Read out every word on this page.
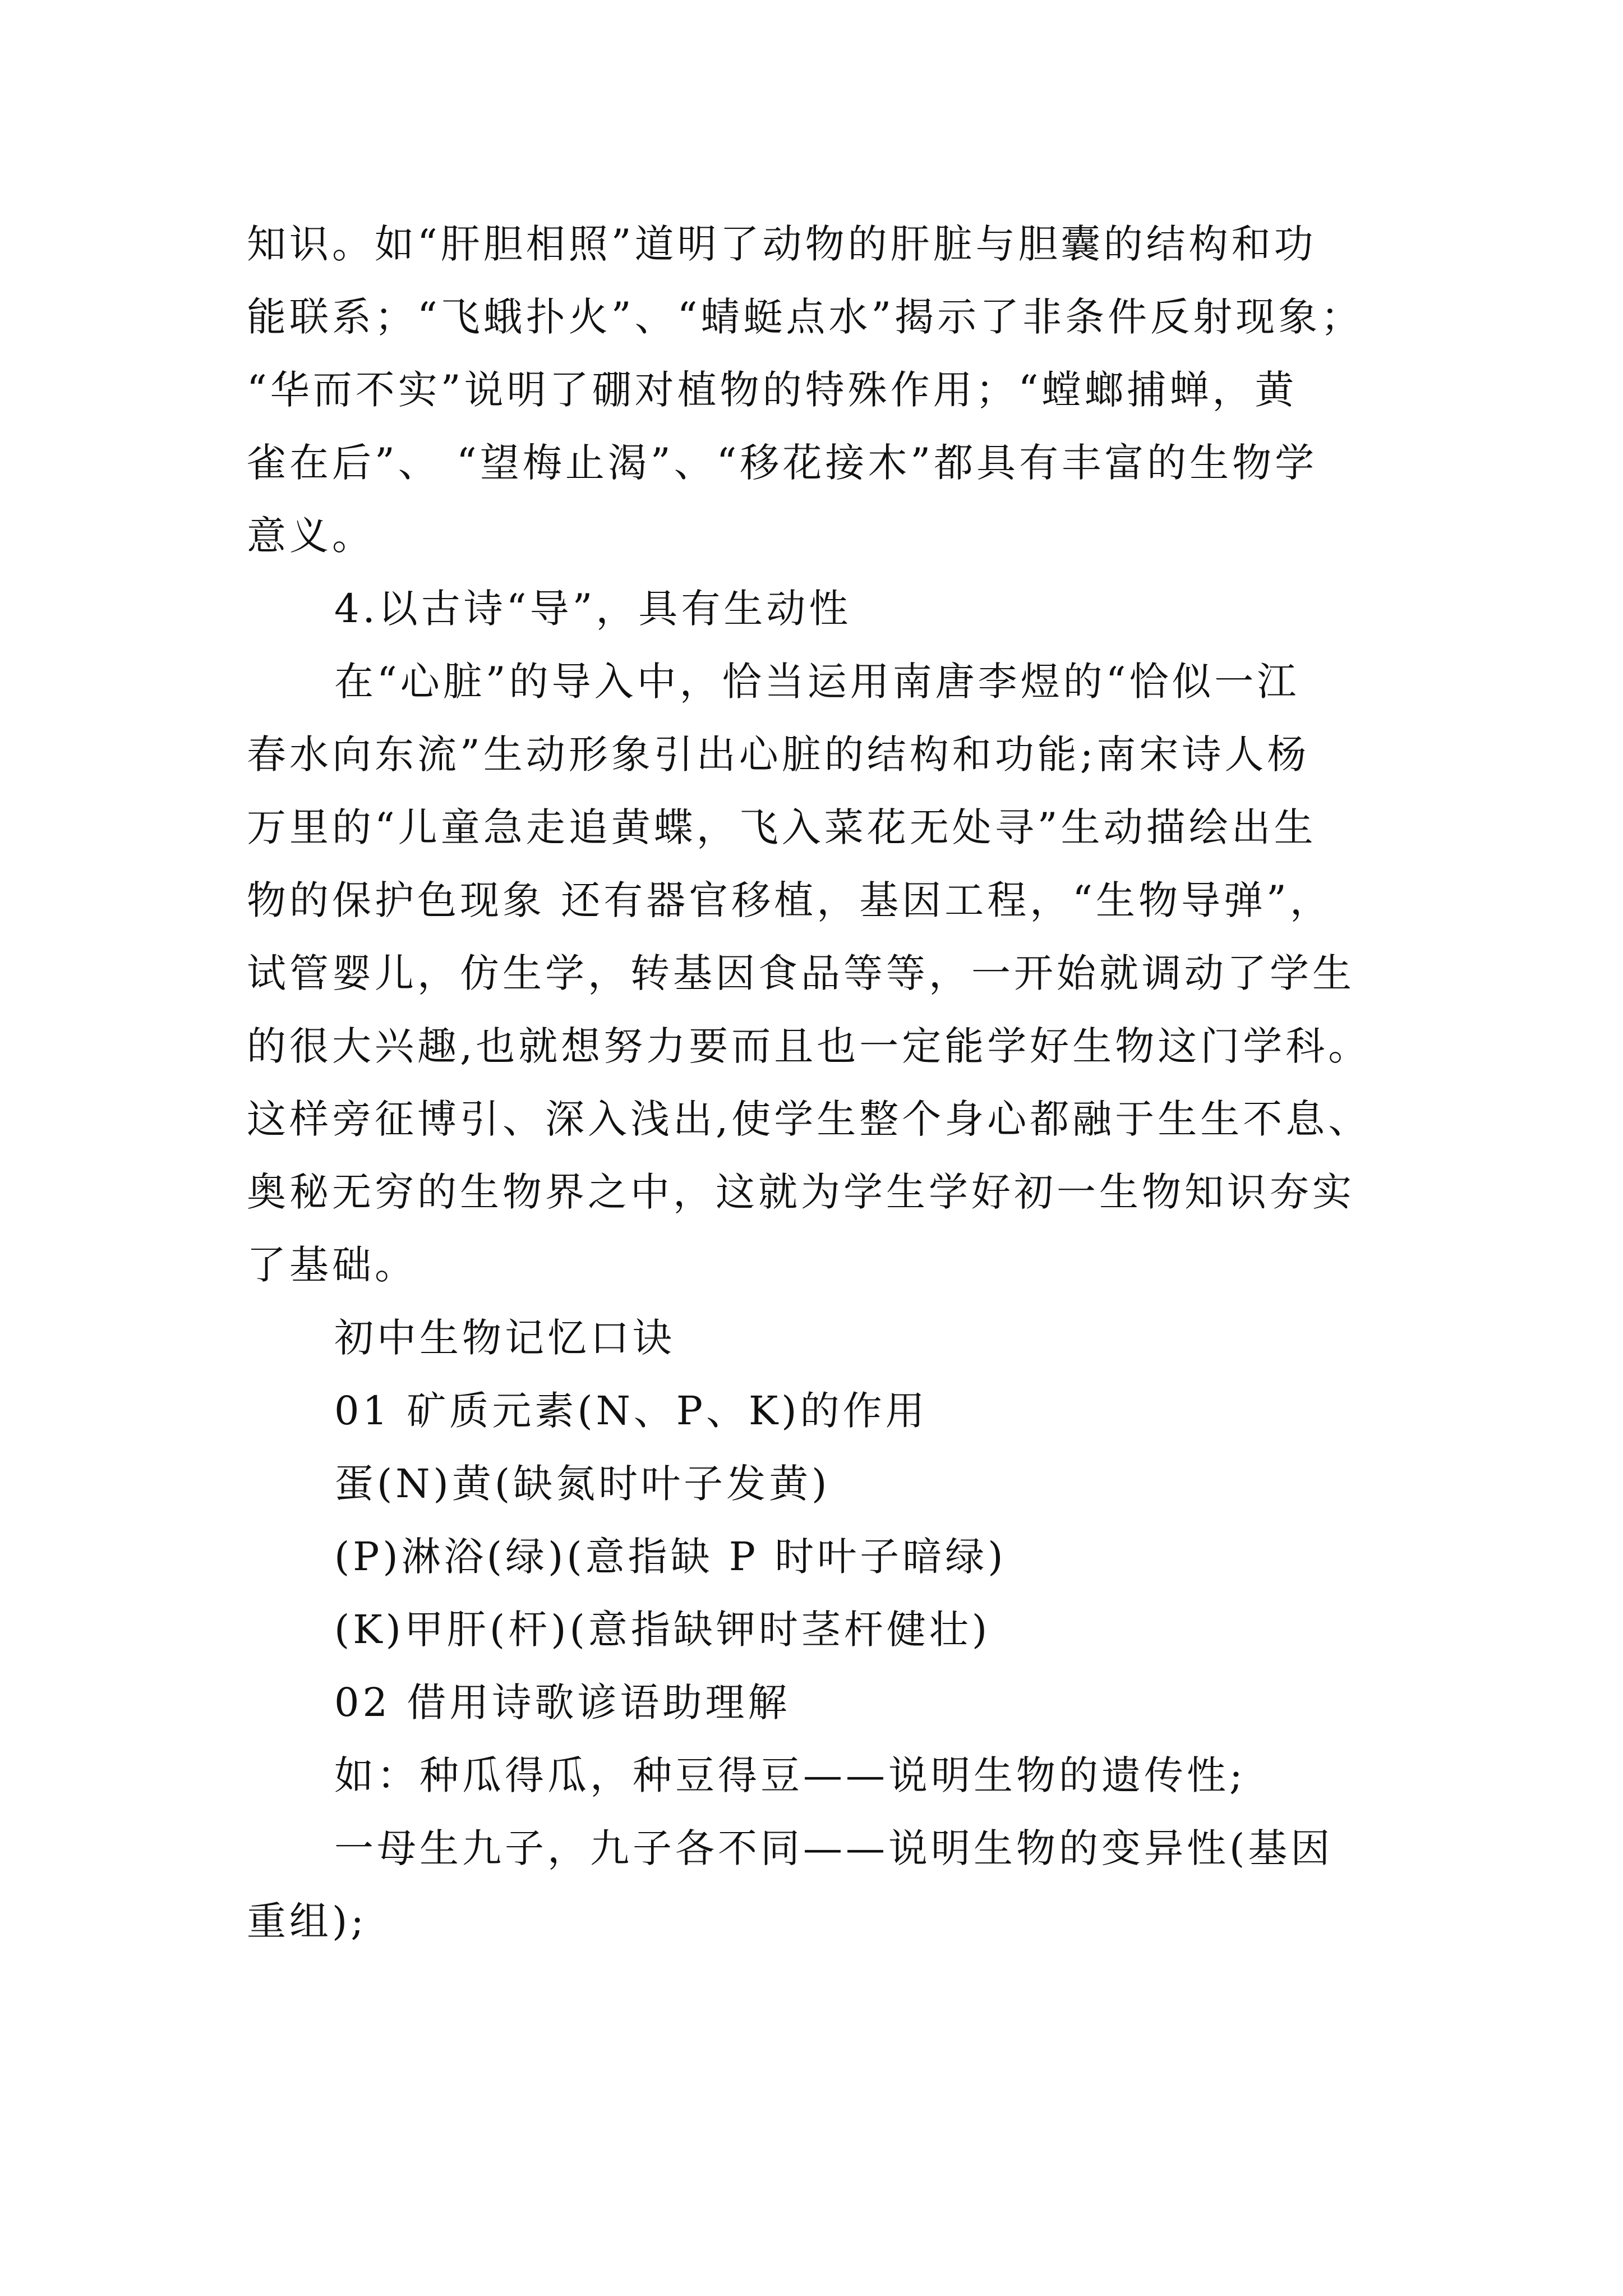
知识。如“肝胆相照”道明了动物的肝脏与胆囊的结构和功
能联系；“飞蛾扑火”、“蜻蜓点水”揭示了非条件反射现象；
“华而不实”说明了硼对植物的特殊作用；“螳螂捕蝉，黄
雀在后”、 “望梅止渴”、“移花接木”都具有丰富的生物学
意义。
4.以古诗“导”，具有生动性
在“心脏”的导入中，恰当运用南唐李煜的“恰似一江
春水向东流”生动形象引出心脏的结构和功能;南宋诗人杨
万里的“儿童急走追黄蝶，飞入菜花无处寻”生动描绘出生
物的保护色现象 还有器官移植，基因工程，“生物导弹”，
试管婴儿，仿生学，转基因食品等等，一开始就调动了学生
的很大兴趣,也就想努力要而且也一定能学好生物这门学科。
这样旁征博引、深入浅出,使学生整个身心都融于生生不息、
奥秘无穷的生物界之中，这就为学生学好初一生物知识夯实
了基础。
初中生物记忆口诀
01 矿质元素(N、P、K)的作用
蛋(N)黄(缺氮时叶子发黄)
(P)淋浴(绿)(意指缺 P 时叶子暗绿)
(K)甲肝(杆)(意指缺钾时茎杆健壮)
02 借用诗歌谚语助理解
如：种瓜得瓜，种豆得豆——说明生物的遗传性;
一母生九子，九子各不同——说明生物的变异性(基因
重组);
